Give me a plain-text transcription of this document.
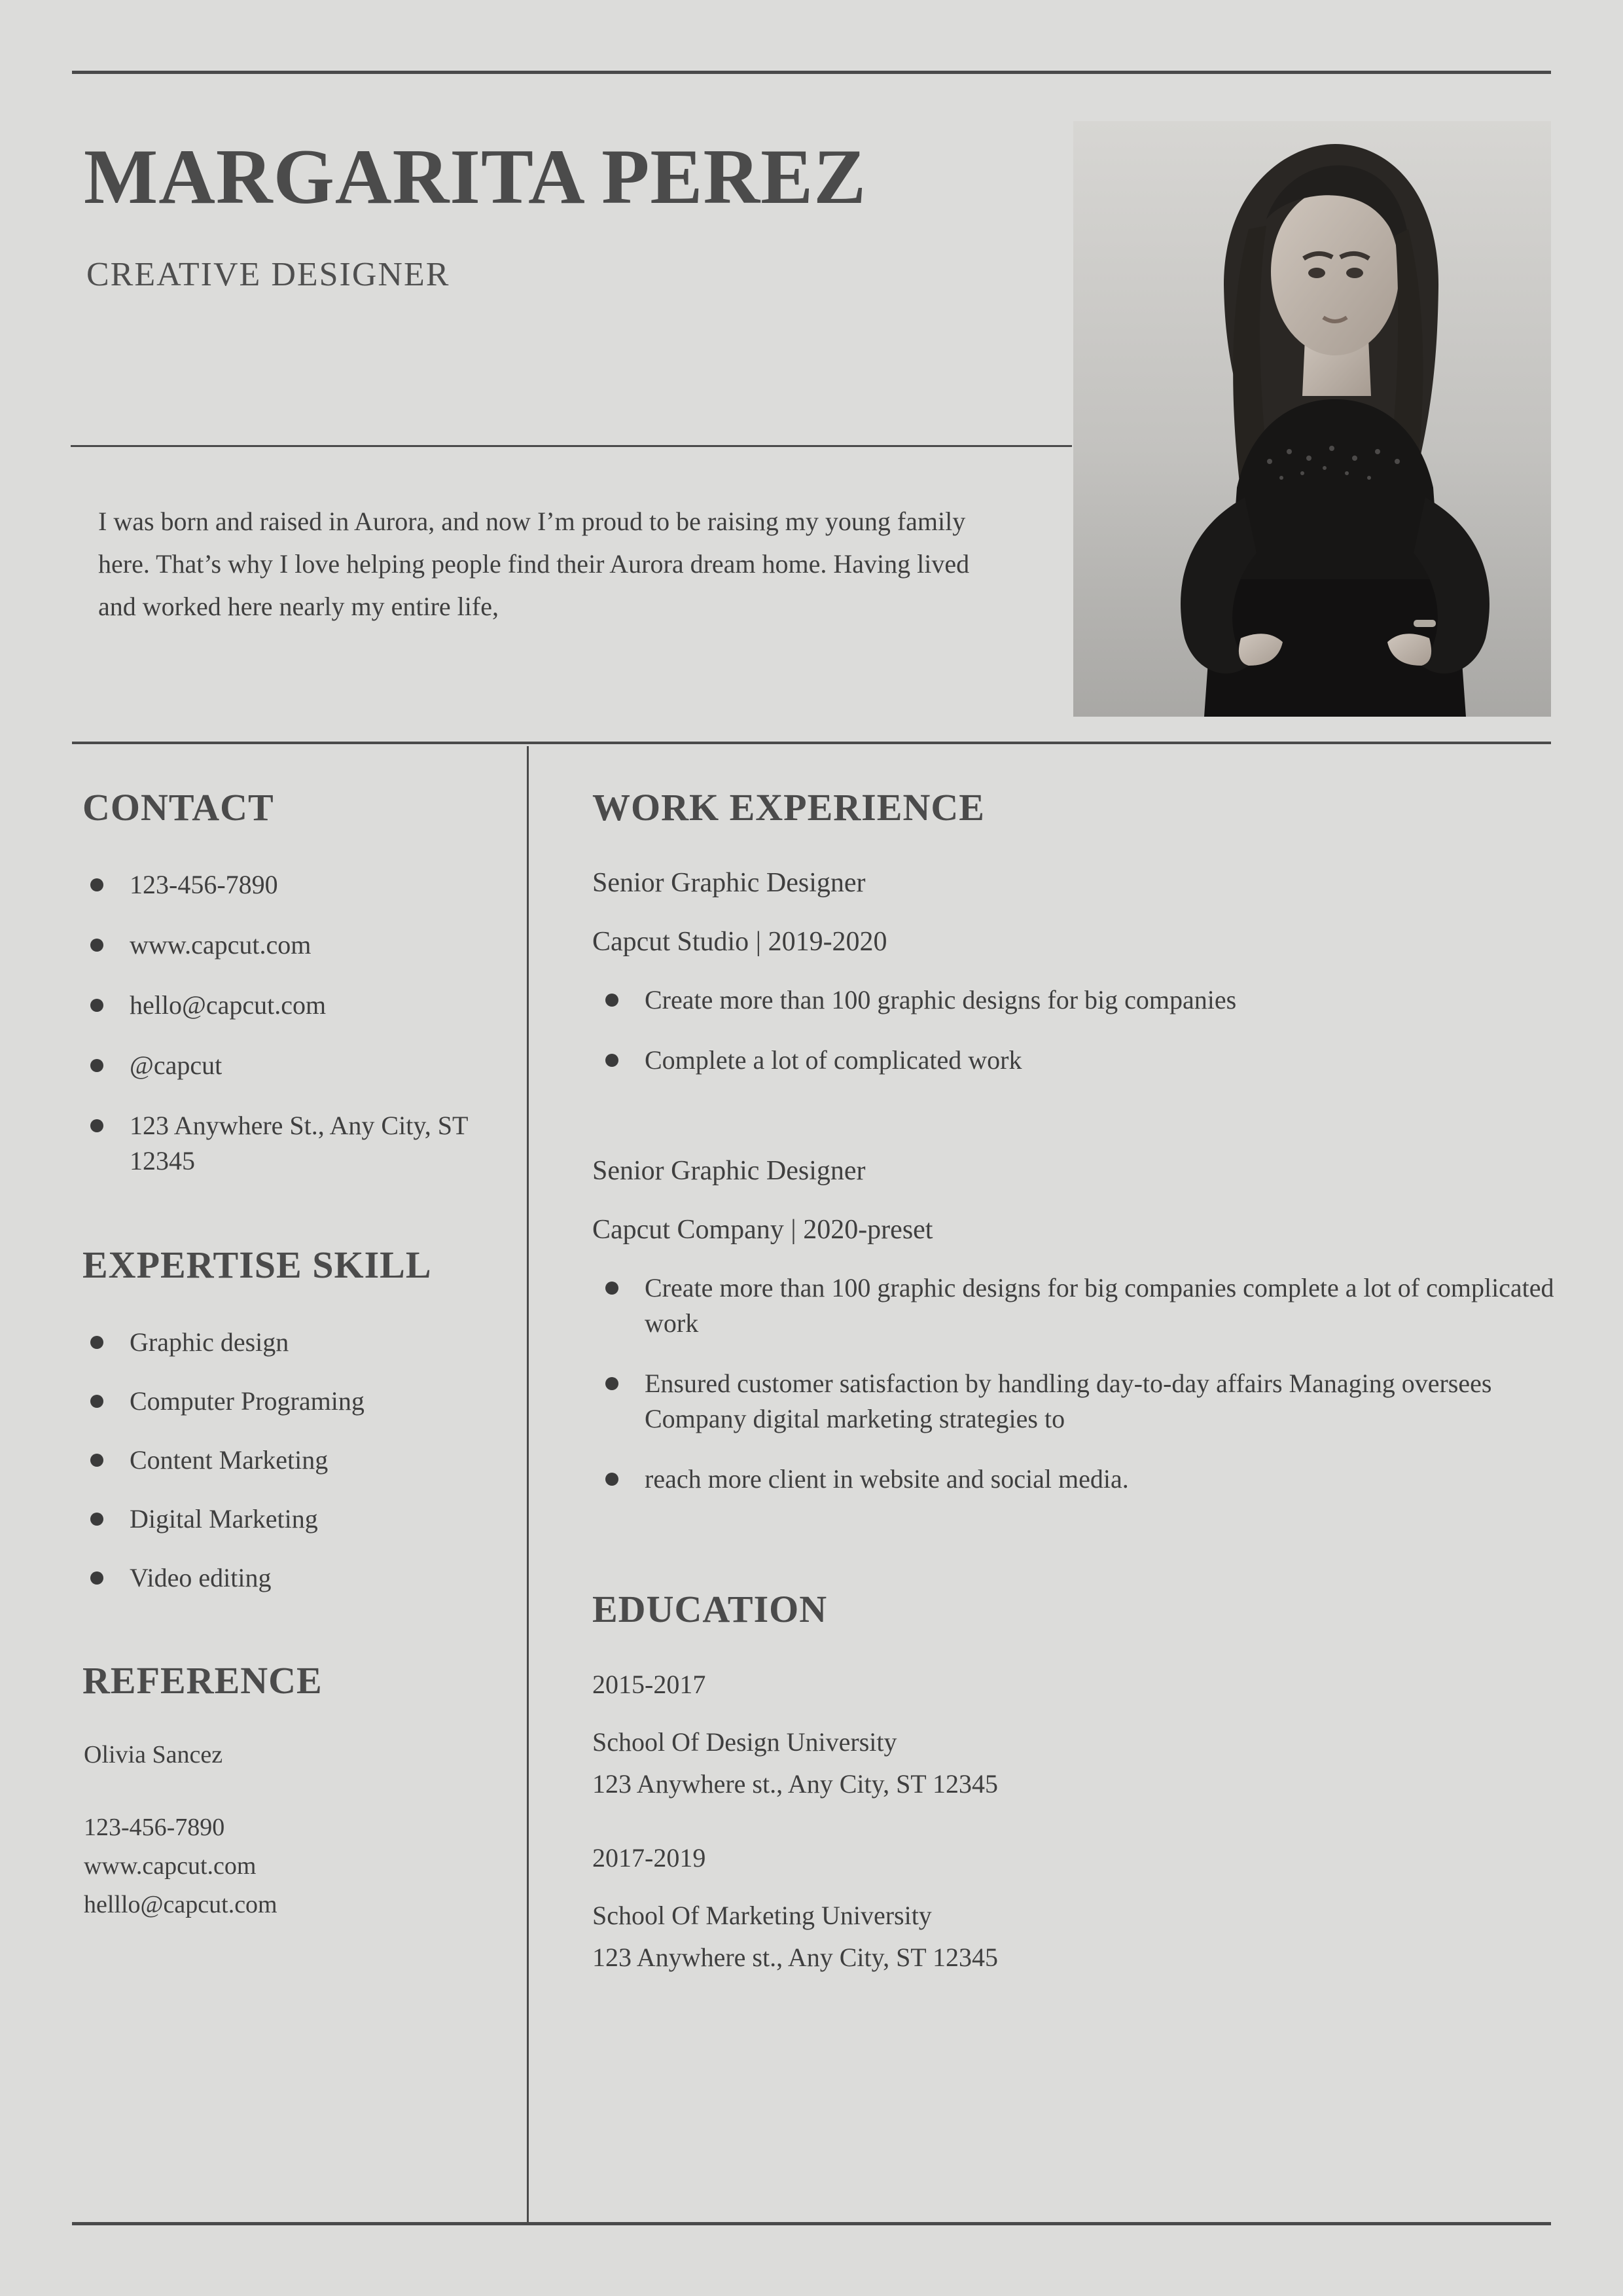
MARGARITA PEREZ
CREATIVE DESIGNER
I was born and raised in Aurora, and now I’m proud to be raising my young family here. That’s why I love helping people find their Aurora dream home. Having lived and worked here nearly my entire life,
CONTACT
123-456-7890
www.capcut.com
hello@capcut.com
@capcut
123 Anywhere St., Any City, ST 12345
EXPERTISE SKILL
Graphic design
Computer Programing
Content Marketing
Digital Marketing
Video editing
REFERENCE

Olivia Sancez

123-456-7890

www.capcut.com

helllo@capcut.com

WORK EXPERIENCE

Senior Graphic Designer

Capcut Studio | 2019-2020

Create more than 100 graphic designs for big companies
Complete a lot of complicated work

Senior Graphic Designer

Capcut Company | 2020-preset

Create more than 100 graphic designs for big companies complete a lot of complicated work
Ensured customer satisfaction by handling day-to-day affairs Managing oversees Company digital marketing strategies to
reach more client in website and social media.
EDUCATION

2015-2017

School Of Design University

123 Anywhere st., Any City, ST 12345

2017-2019

School Of Marketing University

123 Anywhere st., Any City, ST 12345
